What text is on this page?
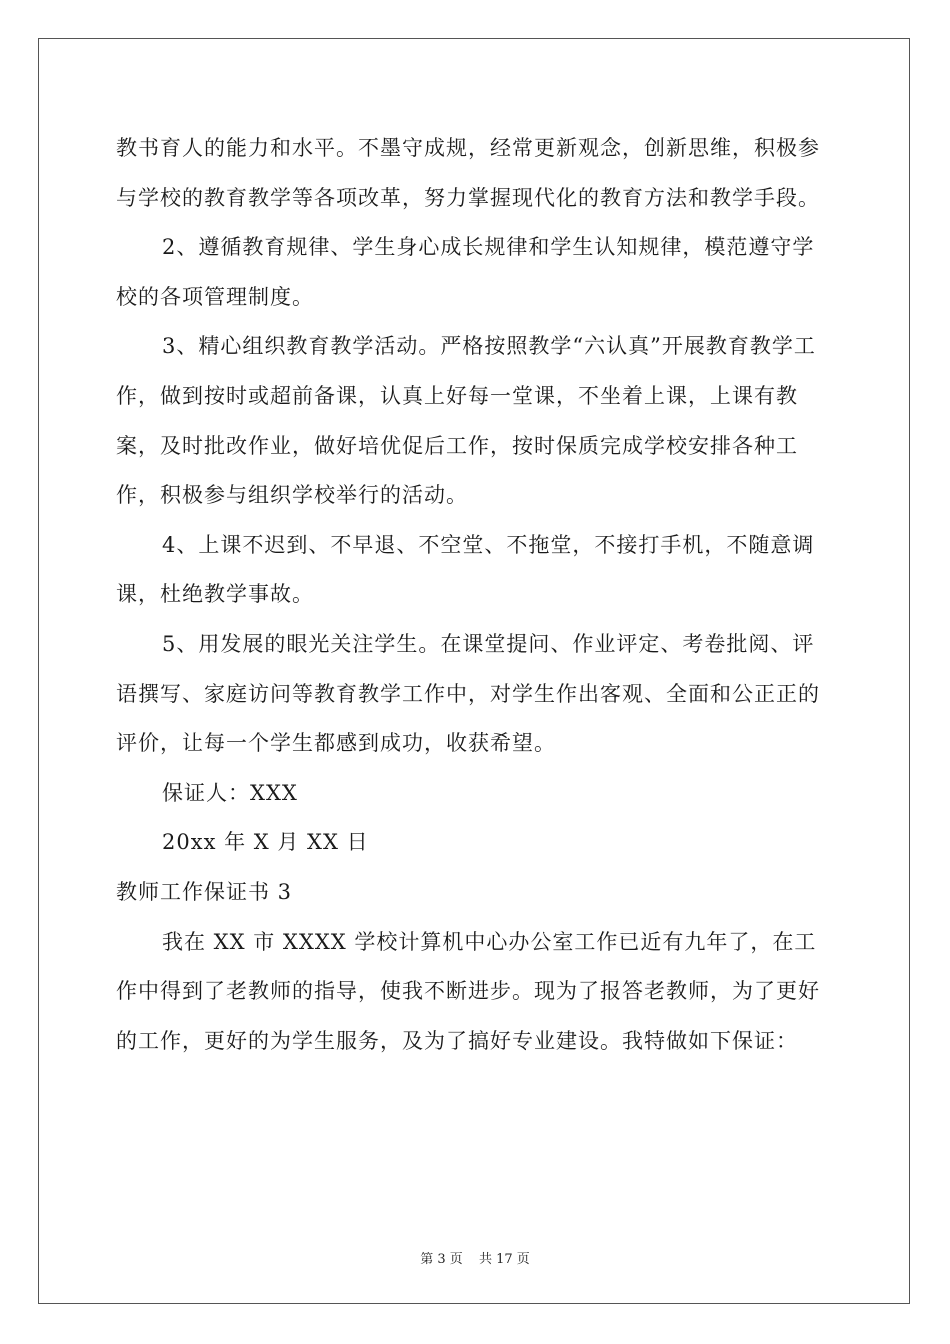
教书育人的能力和水平。不墨守成规，经常更新观念，创新思维，积极参与学校的教育教学等各项改革，努力掌握现代化的教育方法和教学手段。

2、遵循教育规律、学生身心成长规律和学生认知规律，模范遵守学校的各项管理制度。

3、精心组织教育教学活动。严格按照教学“六认真”开展教育教学工作，做到按时或超前备课，认真上好每一堂课，不坐着上课，上课有教案，及时批改作业，做好培优促后工作，按时保质完成学校安排各种工作，积极参与组织学校举行的活动。

4、上课不迟到、不早退、不空堂、不拖堂，不接打手机，不随意调课，杜绝教学事故。

5、用发展的眼光关注学生。在课堂提问、作业评定、考卷批阅、评语撰写、家庭访问等教育教学工作中，对学生作出客观、全面和公正正的评价，让每一个学生都感到成功，收获希望。

保证人：XXX

20xx 年 X 月 XX 日

教师工作保证书 3

我在 XX 市 XXXX 学校计算机中心办公室工作已近有九年了，在工作中得到了老教师的指导，使我不断进步。现为了报答老教师，为了更好的工作，更好的为学生服务，及为了搞好专业建设。我特做如下保证：

第 3 页 共 17 页
